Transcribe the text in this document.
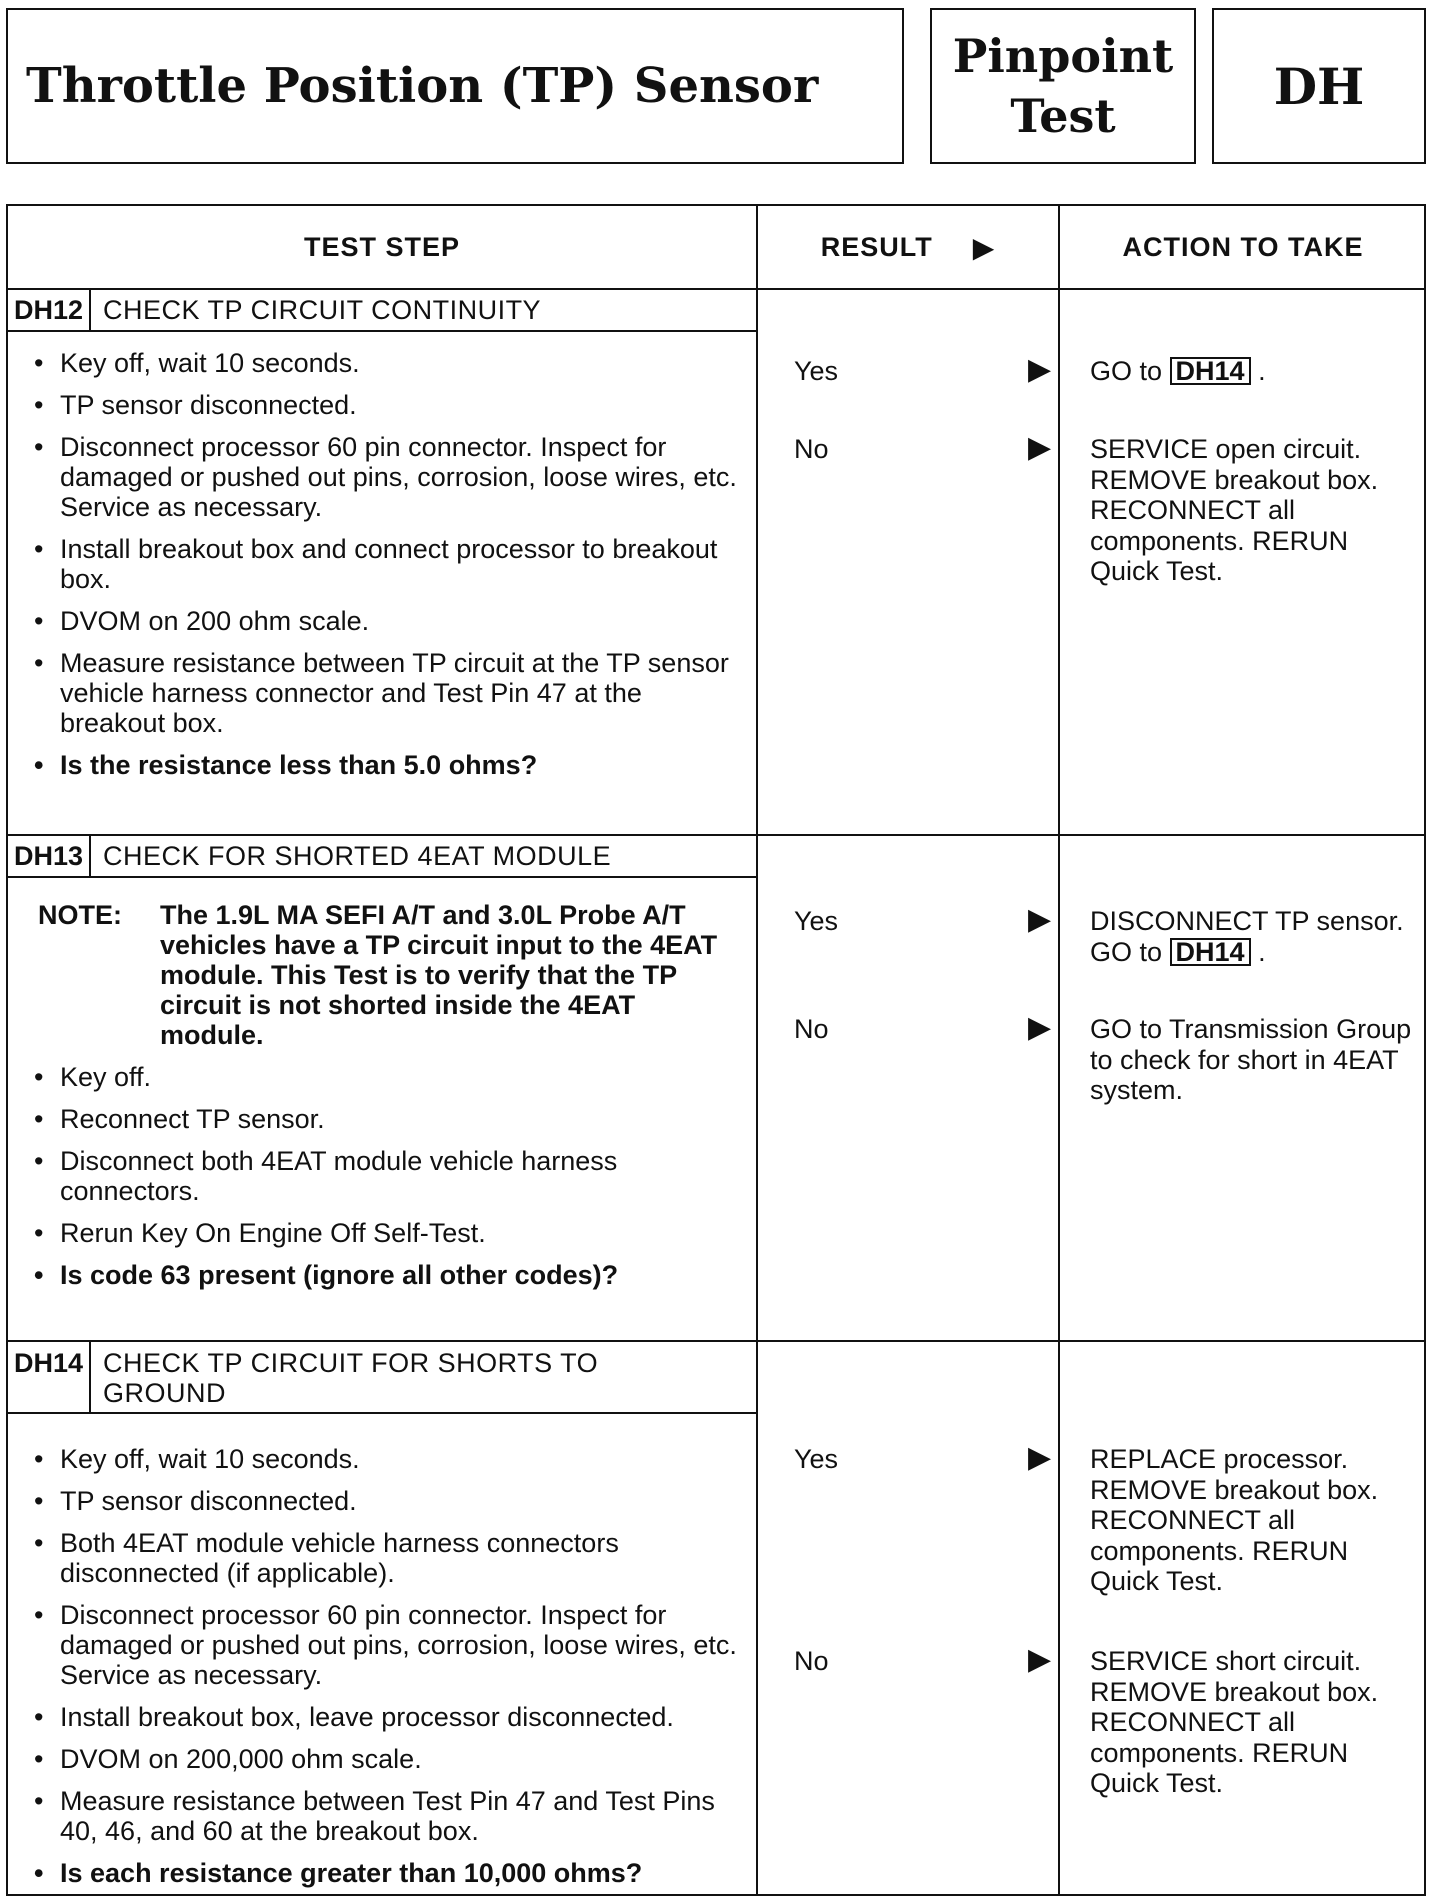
Throttle Position (TP) Sensor
Pinpoint
Test
DH
TEST STEP	RESULT ▶	ACTION TO TAKE
DH12 CHECK TP CIRCUIT CONTINUITY
• Key off, wait 10 seconds.
• TP sensor disconnected.
• Disconnect processor 60 pin connector. Inspect for damaged or pushed out pins, corrosion, loose wires, etc. Service as necessary.
• Install breakout box and connect processor to breakout box.
• DVOM on 200 ohm scale.
• Measure resistance between TP circuit at the TP sensor vehicle harness connector and Test Pin 47 at the breakout box.
• Is the resistance less than 5.0 ohms?
Yes	▶ GO to DH14 .
No	▶ SERVICE open circuit. REMOVE breakout box. RECONNECT all components. RERUN Quick Test.
DH13 CHECK FOR SHORTED 4EAT MODULE
NOTE: The 1.9L MA SEFI A/T and 3.0L Probe A/T vehicles have a TP circuit input to the 4EAT module. This Test is to verify that the TP circuit is not shorted inside the 4EAT module.
• Key off.
• Reconnect TP sensor.
• Disconnect both 4EAT module vehicle harness connectors.
• Rerun Key On Engine Off Self-Test.
• Is code 63 present (ignore all other codes)?
Yes	▶ DISCONNECT TP sensor. GO to DH14 .
No	▶ GO to Transmission Group to check for short in 4EAT system.
DH14 CHECK TP CIRCUIT FOR SHORTS TO GROUND
• Key off, wait 10 seconds.
• TP sensor disconnected.
• Both 4EAT module vehicle harness connectors disconnected (if applicable).
• Disconnect processor 60 pin connector. Inspect for damaged or pushed out pins, corrosion, loose wires, etc. Service as necessary.
• Install breakout box, leave processor disconnected.
• DVOM on 200,000 ohm scale.
• Measure resistance between Test Pin 47 and Test Pins 40, 46, and 60 at the breakout box.
• Is each resistance greater than 10,000 ohms?
Yes	▶ REPLACE processor. REMOVE breakout box. RECONNECT all components. RERUN Quick Test.
No	▶ SERVICE short circuit. REMOVE breakout box. RECONNECT all components. RERUN Quick Test.
